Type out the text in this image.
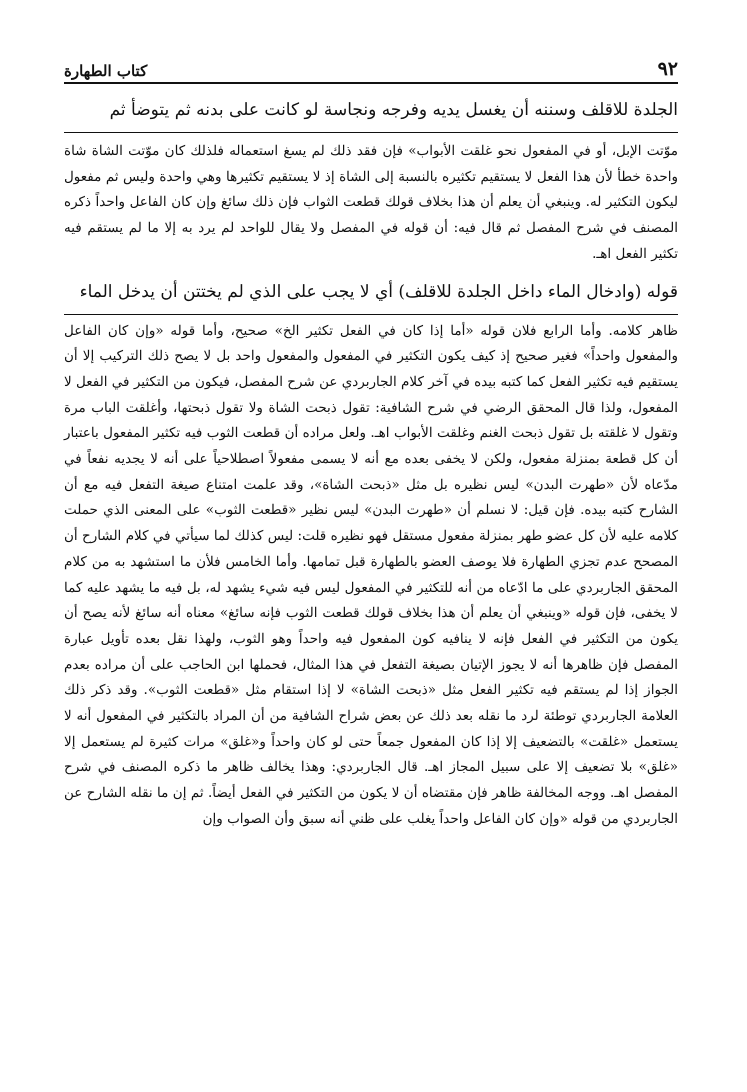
٩٢
كتاب الطهارة

الجلدة للاقلف وسننه أن يغسل يديه وفرجه ونجاسة لو كانت على بدنه ثم يتوضأ ثم

موّتت الإبل، أو في المفعول نحو غلقت الأبواب» فإن فقد ذلك لم يسغ استعماله فلذلك كان موّتت الشاة شاة واحدة خطأ لأن هذا الفعل لا يستقيم تكثيره بالنسبة إلى الشاة إذ لا يستقيم تكثيرها وهي واحدة وليس ثم مفعول ليكون التكثير له. وينبغي أن يعلم أن هذا بخلاف قولك قطعت الثواب فإن ذلك سائغ وإن كان الفاعل واحداً ذكره المصنف في شرح المفصل ثم قال فيه: أن قوله في المفصل ولا يقال للواحد لم يرد به إلا ما لم يستقم فيه تكثير الفعل اهـ.

قوله (وادخال الماء داخل الجلدة للاقلف) أي لا يجب على الذي لم يختتن أن يدخل الماء

ظاهر كلامه. وأما الرابع فلان قوله «أما إذا كان في الفعل تكثير الخ» صحيح، وأما قوله «وإن كان الفاعل والمفعول واحداً» فغير صحيح إذ كيف يكون التكثير في المفعول والمفعول واحد بل لا يصح ذلك التركيب إلا أن يستقيم فيه تكثير الفعل كما كتبه بيده في آخر كلام الجاربردي عن شرح المفصل، فيكون من التكثير في الفعل لا المفعول، ولذا قال المحقق الرضي في شرح الشافية: تقول ذبحت الشاة ولا تقول ذبحتها، وأغلقت الباب مرة وتقول لا غلقته بل تقول ذبحت الغنم وغلقت الأبواب اهـ. ولعل مراده أن قطعت الثوب فيه تكثير المفعول باعتبار أن كل قطعة بمنزلة مفعول، ولكن لا يخفى بعده مع أنه لا يسمى مفعولاً اصطلاحياً على أنه لا يجديه نفعاً في مدّعاه لأن «طهرت البدن» ليس نظيره بل مثل «ذبحت الشاة»، وقد علمت امتناع صيغة التفعل فيه مع أن الشارح كتبه بيده. فإن قيل: لا نسلم أن «طهرت البدن» ليس نظير «قطعت الثوب» على المعنى الذي حملت كلامه عليه لأن كل عضو طهر بمنزلة مفعول مستقل فهو نظيره قلت: ليس كذلك لما سيأتي في كلام الشارح أن المصحح عدم تجزي الطهارة فلا يوصف العضو بالطهارة قبل تمامها. وأما الخامس فلأن ما استشهد به من كلام المحقق الجاربردي على ما ادّعاه من أنه للتكثير في المفعول ليس فيه شيء يشهد له، بل فيه ما يشهد عليه كما لا يخفى، فإن قوله «وينبغي أن يعلم أن هذا بخلاف قولك قطعت الثوب فإنه سائغ» معناه أنه سائغ لأنه يصح أن يكون من التكثير في الفعل فإنه لا ينافيه كون المفعول فيه واحداً وهو الثوب، ولهذا نقل بعده تأويل عبارة المفصل فإن ظاهرها أنه لا يجوز الإتيان بصيغة التفعل في هذا المثال، فحملها ابن الحاجب على أن مراده بعدم الجواز إذا لم يستقم فيه تكثير الفعل مثل «ذبحت الشاة» لا إذا استقام مثل «قطعت الثوب». وقد ذكر ذلك العلامة الجاربردي توطئة لرد ما نقله بعد ذلك عن بعض شراح الشافية من أن المراد بالتكثير في المفعول أنه لا يستعمل «غلقت» بالتضعيف إلا إذا كان المفعول جمعاً حتى لو كان واحداً و«غلق» مرات كثيرة لم يستعمل إلا «غلق» بلا تضعيف إلا على سبيل المجاز اهـ. قال الجاربردي: وهذا يخالف ظاهر ما ذكره المصنف في شرح المفصل اهـ. ووجه المخالفة ظاهر فإن مقتضاه أن لا يكون من التكثير في الفعل أيضاً. ثم إن ما نقله الشارح عن الجاربردي من قوله «وإن كان الفاعل واحداً يغلب على ظني أنه سبق وأن الصواب وإن
